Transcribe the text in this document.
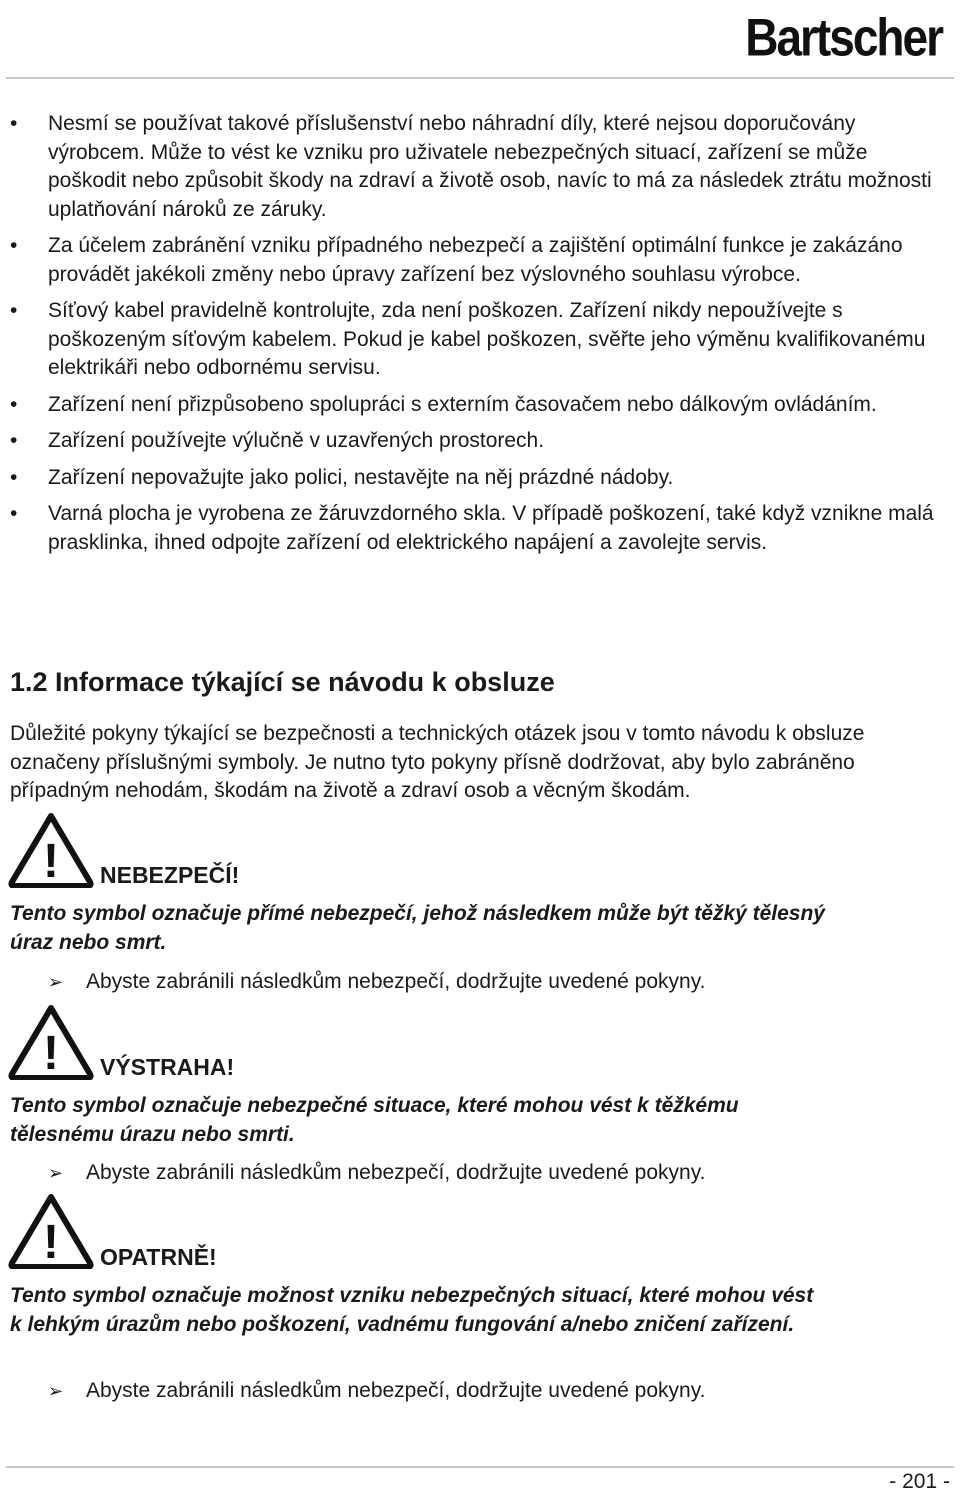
Bartscher
• Nesmí se používat takové příslušenství nebo náhradní díly, které nejsou doporučovány výrobcem. Může to vést ke vzniku pro uživatele nebezpečných situací, zařízení se může poškodit nebo způsobit škody na zdraví a životě osob, navíc to má za následek ztrátu možnosti uplatňování nároků ze záruky.
• Za účelem zabránění vzniku případného nebezpečí a zajištění optimální funkce je zakázáno provádět jakékoli změny nebo úpravy zařízení bez výslovného souhlasu výrobce.
• Síťový kabel pravidelně kontrolujte, zda není poškozen. Zařízení nikdy nepoužívejte s poškozeným síťovým kabelem. Pokud je kabel poškozen, svěřte jeho výměnu kvalifikovanému elektrikáři nebo odbornému servisu.
• Zařízení není přizpůsobeno spolupráci s externím časovačem nebo dálkovým ovládáním.
• Zařízení používejte výlučně v uzavřených prostorech.
• Zařízení nepovažujte jako polici, nestavějte na něj prázdné nádoby.
• Varná plocha je vyrobena ze žáruvzdorného skla. V případě poškození, také když vznikne malá prasklinka, ihned odpojte zařízení od elektrického napájení a zavolejte servis.
1.2 Informace týkající se návodu k obsluze

Důležité pokyny týkající se bezpečnosti a technických otázek jsou v tomto návodu k obsluze označeny příslušnými symboly. Je nutno tyto pokyny přísně dodržovat, aby bylo zabráněno případným nehodám, škodám na životě a zdraví osob a věcným škodám.

! NEBEZPEČÍ!

Tento symbol označuje přímé nebezpečí, jehož následkem může být těžký tělesný úraz nebo smrt.

➢ Abyste zabránili následkům nebezpečí, dodržujte uvedené pokyny.
! VÝSTRAHA!

Tento symbol označuje nebezpečné situace, které mohou vést k těžkému tělesnému úrazu nebo smrti.

➢ Abyste zabránili následkům nebezpečí, dodržujte uvedené pokyny.
! OPATRNĚ!

Tento symbol označuje možnost vzniku nebezpečných situací, které mohou vést k lehkým úrazům nebo poškození, vadnému fungování a/nebo zničení zařízení.

➢ Abyste zabránili následkům nebezpečí, dodržujte uvedené pokyny.
- 201 -
